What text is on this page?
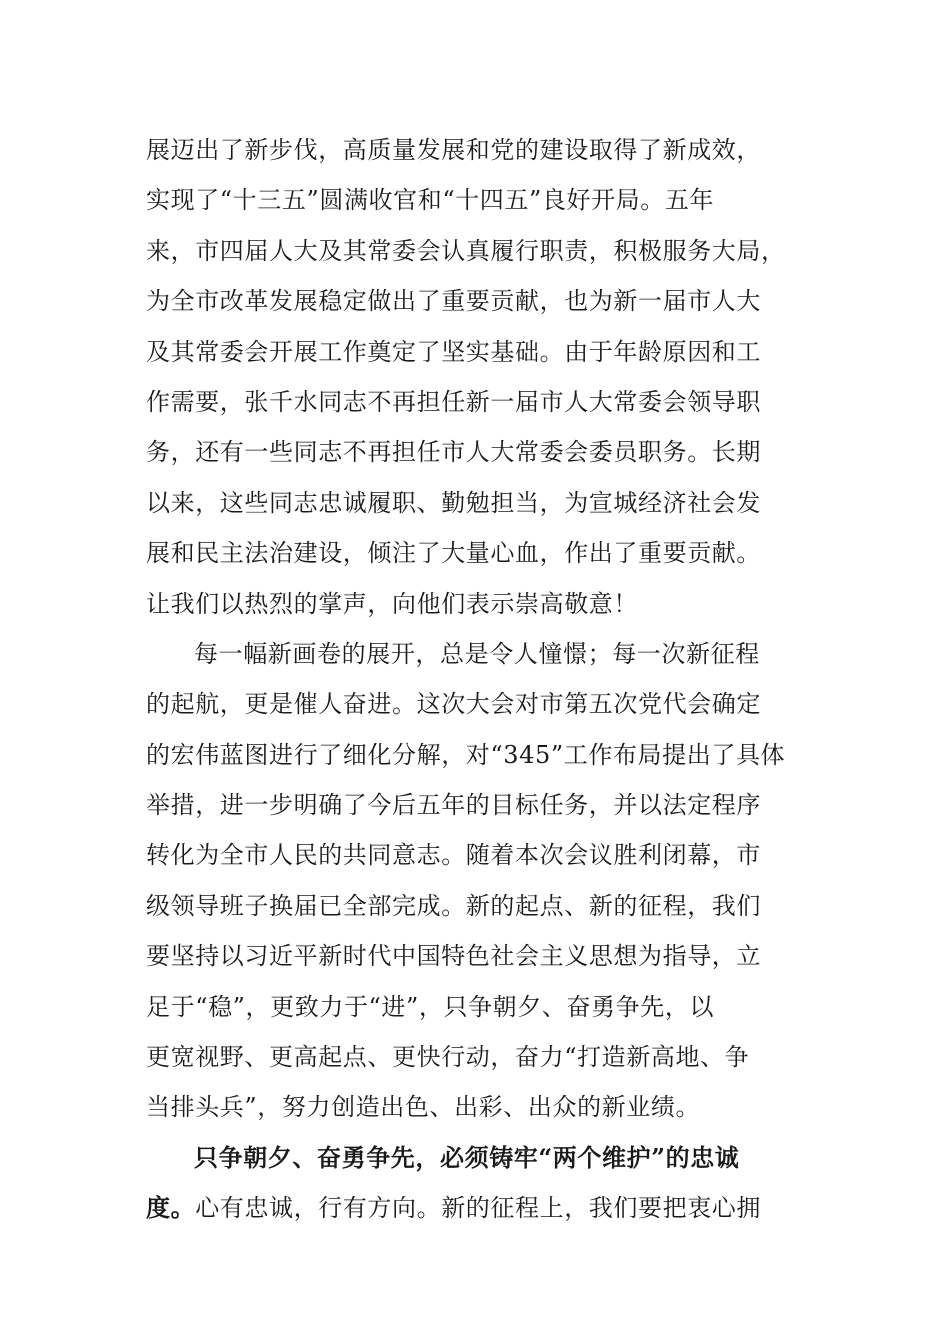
展迈出了新步伐，高质量发展和党的建设取得了新成效，
实现了“十三五”圆满收官和“十四五”良好开局。五年
来，市四届人大及其常委会认真履行职责，积极服务大局，
为全市改革发展稳定做出了重要贡献，也为新一届市人大
及其常委会开展工作奠定了坚实基础。由于年龄原因和工
作需要，张千水同志不再担任新一届市人大常委会领导职
务，还有一些同志不再担任市人大常委会委员职务。长期
以来，这些同志忠诚履职、勤勉担当，为宣城经济社会发
展和民主法治建设，倾注了大量心血，作出了重要贡献。
让我们以热烈的掌声，向他们表示崇高敬意！
每一幅新画卷的展开，总是令人憧憬；每一次新征程
的起航，更是催人奋进。这次大会对市第五次党代会确定
的宏伟蓝图进行了细化分解，对“345”工作布局提出了具体
举措，进一步明确了今后五年的目标任务，并以法定程序
转化为全市人民的共同意志。随着本次会议胜利闭幕，市
级领导班子换届已全部完成。新的起点、新的征程，我们
要坚持以习近平新时代中国特色社会主义思想为指导，立
足于“稳”，更致力于“进”，只争朝夕、奋勇争先，以
更宽视野、更高起点、更快行动，奋力“打造新高地、争
当排头兵”，努力创造出色、出彩、出众的新业绩。
只争朝夕、奋勇争先，必须铸牢“两个维护”的忠诚
度。心有忠诚，行有方向。新的征程上，我们要把衷心拥
